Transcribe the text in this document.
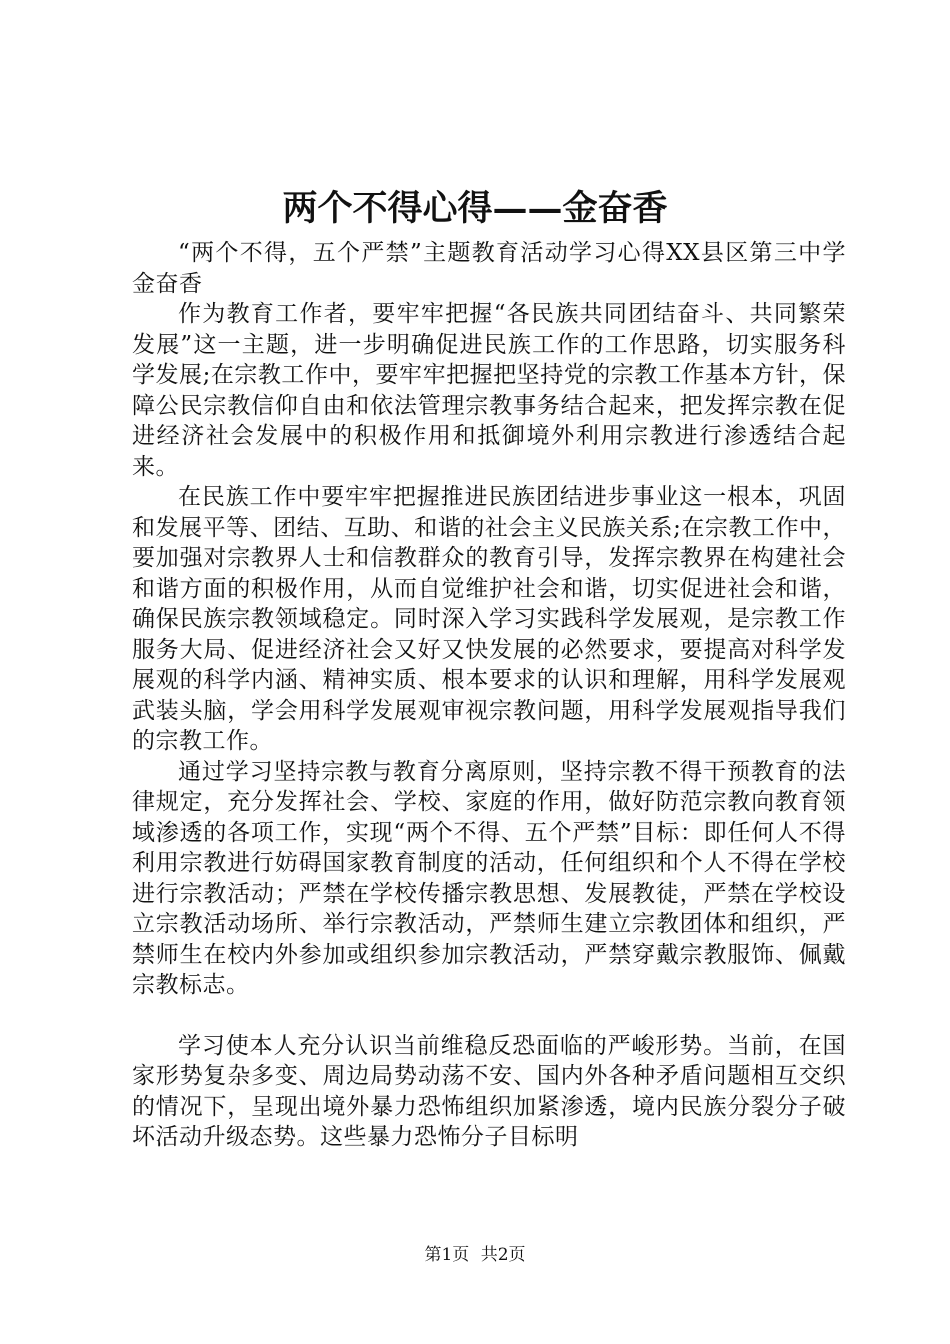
两个不得心得——金奋香

“两个不得，五个严禁”主题教育活动学习心得XX县区第三中学金奋香

作为教育工作者，要牢牢把握“各民族共同团结奋斗、共同繁荣发展”这一主题，进一步明确促进民族工作的工作思路，切实服务科学发展;在宗教工作中，要牢牢把握把坚持党的宗教工作基本方针，保障公民宗教信仰自由和依法管理宗教事务结合起来，把发挥宗教在促进经济社会发展中的积极作用和抵御境外利用宗教进行渗透结合起来。

在民族工作中要牢牢把握推进民族团结进步事业这一根本，巩固和发展平等、团结、互助、和谐的社会主义民族关系;在宗教工作中，要加强对宗教界人士和信教群众的教育引导，发挥宗教界在构建社会和谐方面的积极作用，从而自觉维护社会和谐，切实促进社会和谐，确保民族宗教领域稳定。同时深入学习实践科学发展观，是宗教工作服务大局、促进经济社会又好又快发展的必然要求，要提高对科学发展观的科学内涵、精神实质、根本要求的认识和理解，用科学发展观武装头脑，学会用科学发展观审视宗教问题，用科学发展观指导我们的宗教工作。

通过学习坚持宗教与教育分离原则，坚持宗教不得干预教育的法律规定，充分发挥社会、学校、家庭的作用，做好防范宗教向教育领域渗透的各项工作，实现“两个不得、五个严禁”目标：即任何人不得利用宗教进行妨碍国家教育制度的活动，任何组织和个人不得在学校进行宗教活动；严禁在学校传播宗教思想、发展教徒，严禁在学校设立宗教活动场所、举行宗教活动，严禁师生建立宗教团体和组织，严禁师生在校内外参加或组织参加宗教活动，严禁穿戴宗教服饰、佩戴宗教标志。

学习使本人充分认识当前维稳反恐面临的严峻形势。当前，在国家形势复杂多变、周边局势动荡不安、国内外各种矛盾问题相互交织的情况下，呈现出境外暴力恐怖组织加紧渗透，境内民族分裂分子破坏活动升级态势。这些暴力恐怖分子目标明

第1页 共2页
